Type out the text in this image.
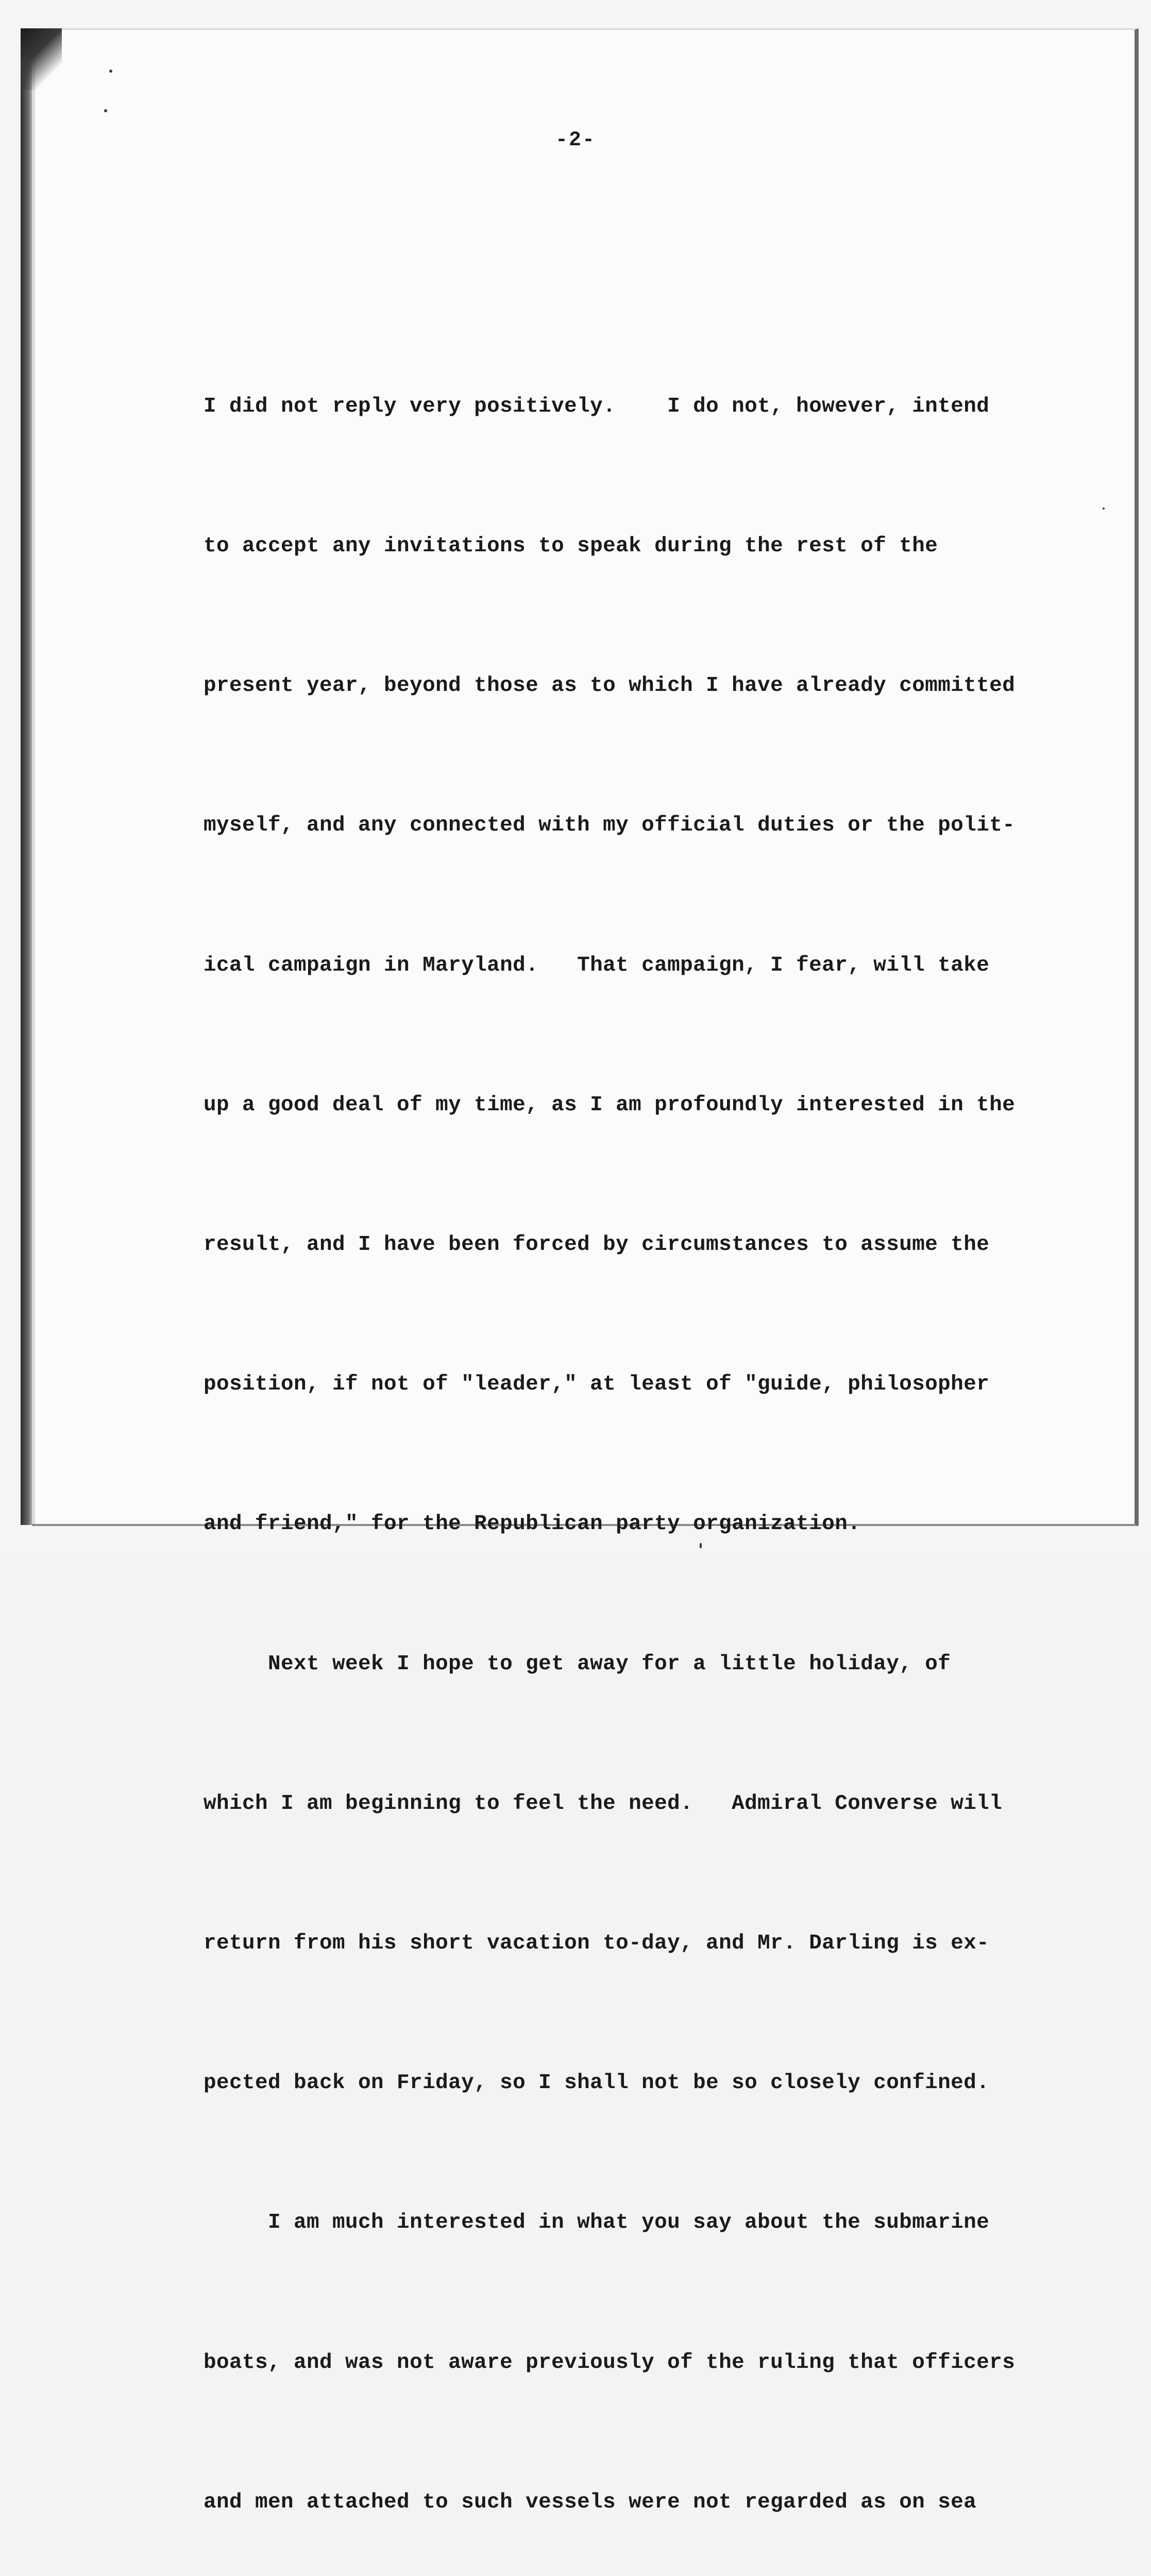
-2-

I did not reply very positively.    I do not, however, intend

to accept any invitations to speak during the rest of the

present year, beyond those as to which I have already committed

myself, and any connected with my official duties or the polit-

ical campaign in Maryland.   That campaign, I fear, will take

up a good deal of my time, as I am profoundly interested in the

result, and I have been forced by circumstances to assume the

position, if not of "leader," at least of "guide, philosopher

and friend," for the Republican party organization.

Next week I hope to get away for a little holiday, of

which I am beginning to feel the need.   Admiral Converse will

return from his short vacation to-day, and Mr. Darling is ex-

pected back on Friday, so I shall not be so closely confined.

I am much interested in what you say about the submarine

boats, and was not aware previously of the ruling that officers

and men attached to such vessels were not regarded as on sea
